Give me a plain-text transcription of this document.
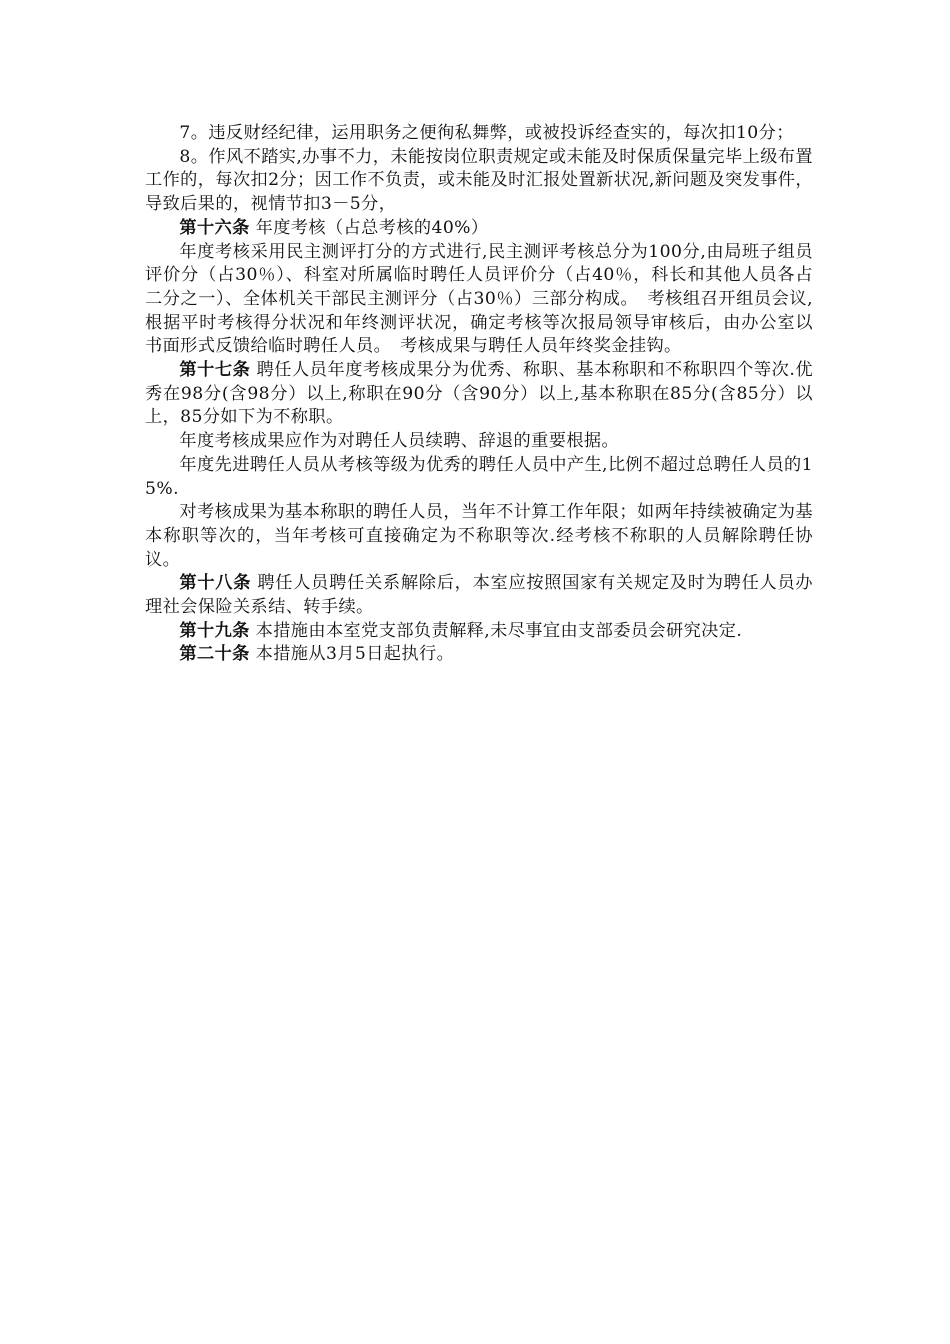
7。违反财经纪律，运用职务之便徇私舞弊，或被投诉经查实的，每次扣10分；

8。作风不踏实,办事不力，未能按岗位职责规定或未能及时保质保量完毕上级布置工作的，每次扣2分；因工作不负责，或未能及时汇报处置新状况,新问题及突发事件，导致后果的，视情节扣3－5分，

第十六条 年度考核（占总考核的40%）

年度考核采用民主测评打分的方式进行,民主测评考核总分为100分,由局班子组员评价分（占30％）、科室对所属临时聘任人员评价分（占40％，科长和其他人员各占二分之一）、全体机关干部民主测评分（占30％）三部分构成。　考核组召开组员会议,根据平时考核得分状况和年终测评状况，确定考核等次报局领导审核后，由办公室以书面形式反馈给临时聘任人员。　考核成果与聘任人员年终奖金挂钩。

第十七条 聘任人员年度考核成果分为优秀、称职、基本称职和不称职四个等次.优秀在98分(含98分）以上,称职在90分（含90分）以上,基本称职在85分(含85分）以上，85分如下为不称职。

年度考核成果应作为对聘任人员续聘、辞退的重要根据。

年度先进聘任人员从考核等级为优秀的聘任人员中产生,比例不超过总聘任人员的15%.

对考核成果为基本称职的聘任人员，当年不计算工作年限；如两年持续被确定为基本称职等次的，当年考核可直接确定为不称职等次.经考核不称职的人员解除聘任协议。

第十八条 聘任人员聘任关系解除后，本室应按照国家有关规定及时为聘任人员办理社会保险关系结、转手续。

第十九条 本措施由本室党支部负责解释,未尽事宜由支部委员会研究决定.

第二十条 本措施从3月5日起执行。
